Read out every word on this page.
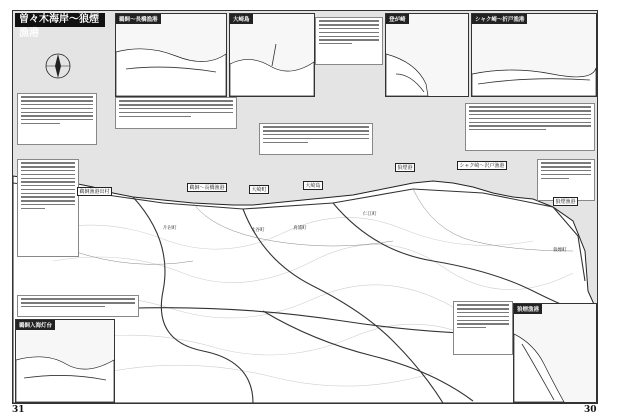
曽々木海岸～狼煙漁港
鵜飼～長橋漁港	大崎島	登が崎	シャク崎～折戸漁港
鵜飼入海灯台
狼煙漁港
鵜飼漁港出村
鵜飼～長橋漁港	大崎町
大崎島
狼煙港	シャク崎～沢戸漁港
狼煙漁港
片岩町	大谷町	真浦町
仁江町
狼煙町
31	30
